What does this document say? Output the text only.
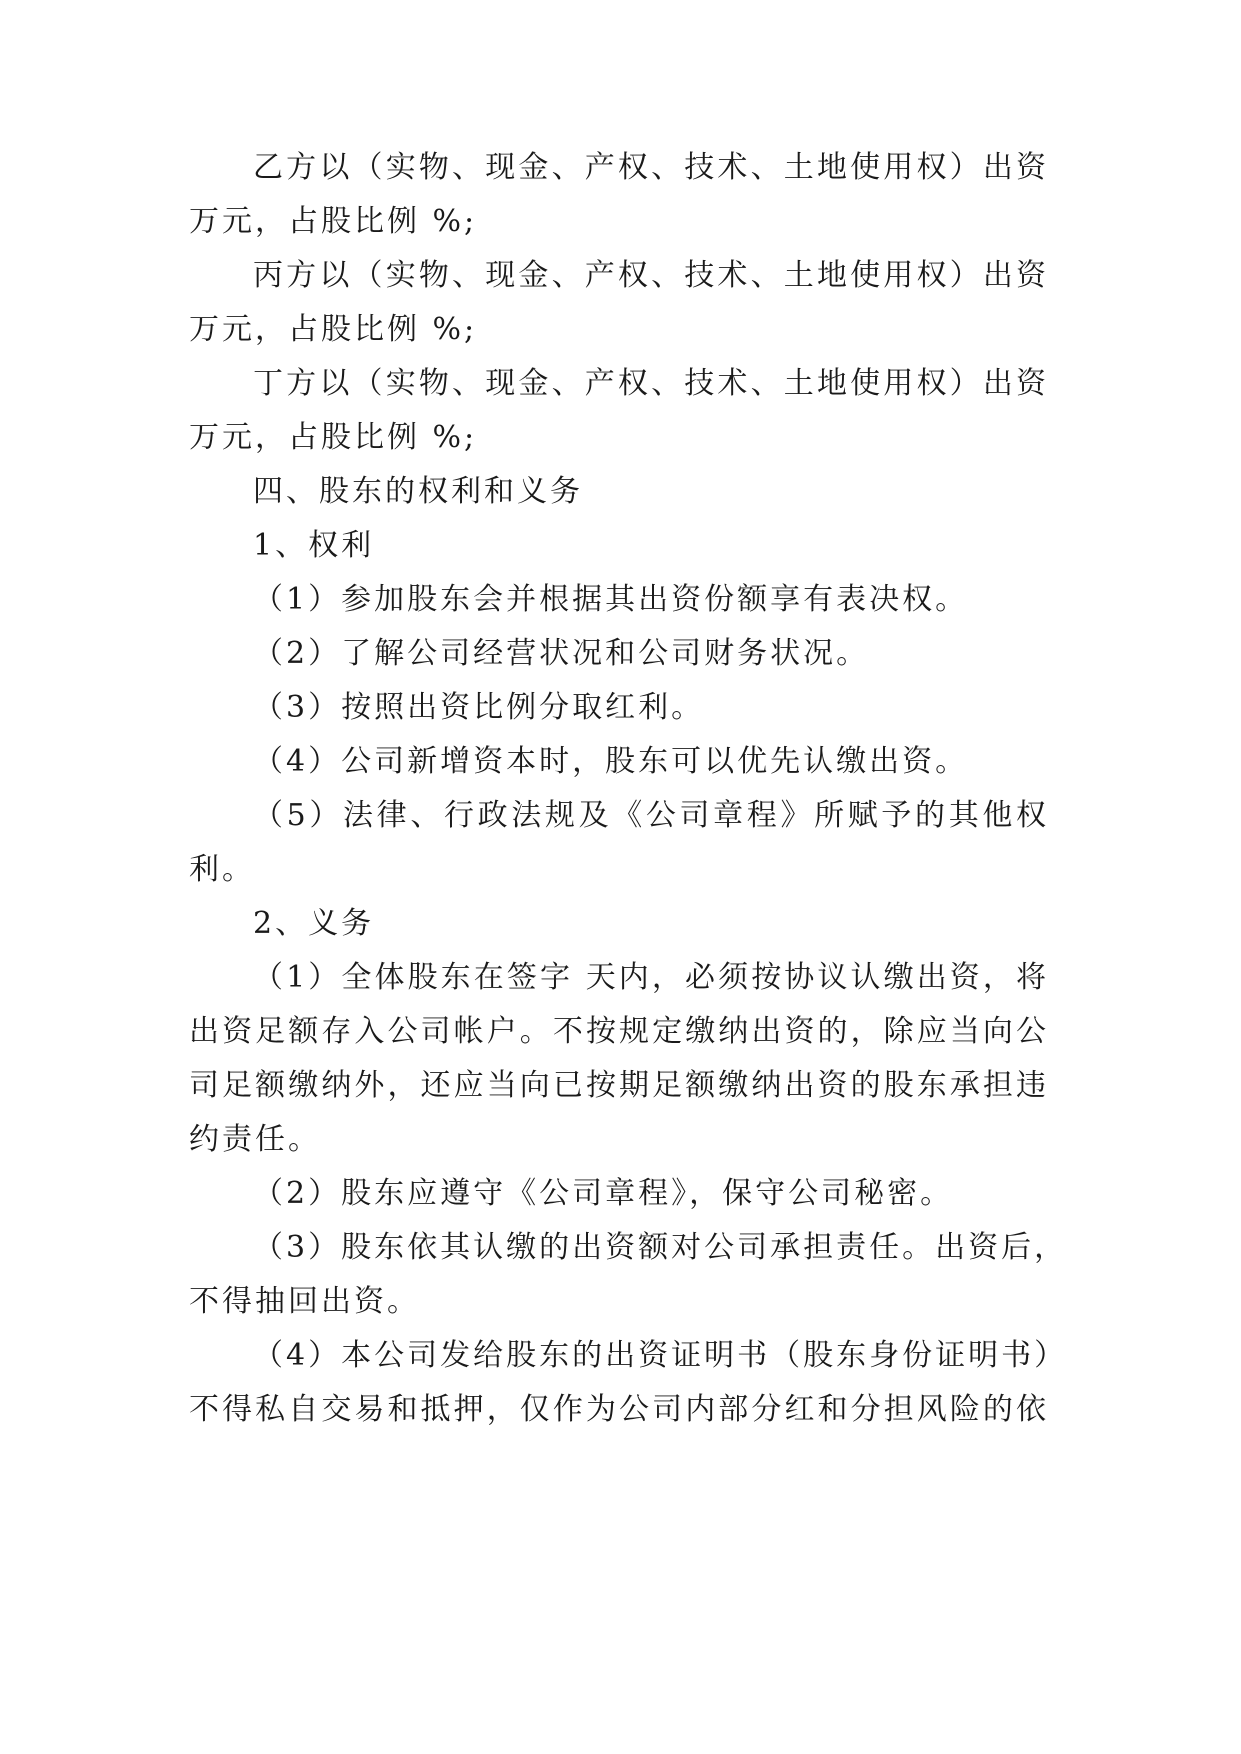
乙方以（实物、现金、产权、技术、土地使用权）出资
万元，占股比例 %;
丙方以（实物、现金、产权、技术、土地使用权）出资
万元，占股比例 %;
丁方以（实物、现金、产权、技术、土地使用权）出资
万元，占股比例 %;
四、股东的权利和义务
1、权利
（1）参加股东会并根据其出资份额享有表决权。
（2）了解公司经营状况和公司财务状况。
（3）按照出资比例分取红利。
（4）公司新增资本时，股东可以优先认缴出资。
（5）法律、行政法规及《公司章程》所赋予的其他权
利。
2、义务
（1）全体股东在签字 天内，必须按协议认缴出资，将
出资足额存入公司帐户。不按规定缴纳出资的，除应当向公
司足额缴纳外，还应当向已按期足额缴纳出资的股东承担违
约责任。
（2）股东应遵守《公司章程》，保守公司秘密。
（3）股东依其认缴的出资额对公司承担责任。出资后，
不得抽回出资。
（4）本公司发给股东的出资证明书（股东身份证明书）
不得私自交易和抵押，仅作为公司内部分红和分担风险的依
